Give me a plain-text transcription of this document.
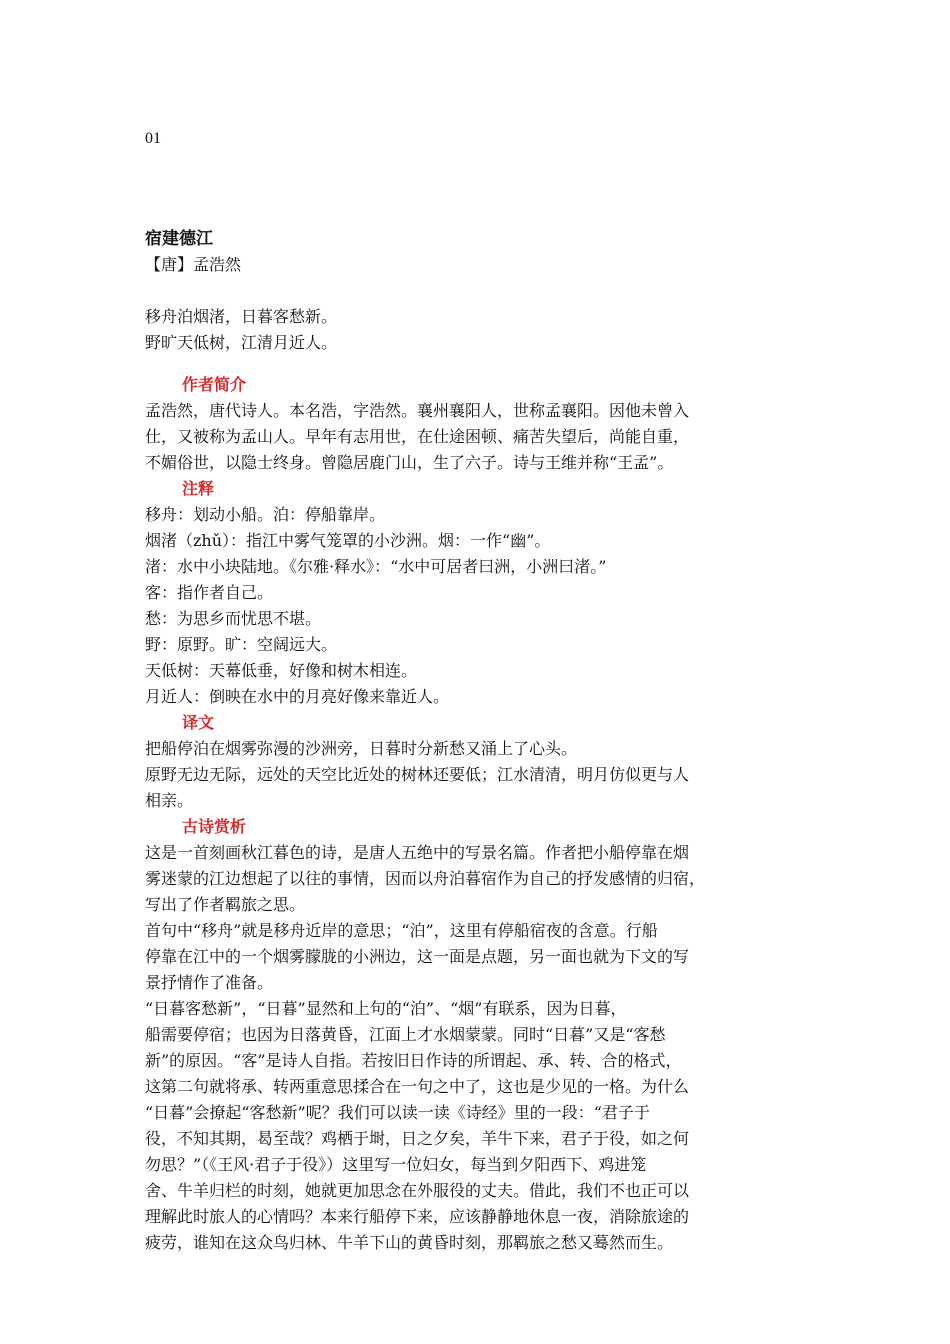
01

宿建德江

【唐】孟浩然

移舟泊烟渚，日暮客愁新。

野旷天低树，江清月近人。

作者简介

孟浩然，唐代诗人。本名浩，字浩然。襄州襄阳人，世称孟襄阳。因他未曾入

仕，又被称为孟山人。早年有志用世，在仕途困顿、痛苦失望后，尚能自重，

不媚俗世，以隐士终身。曾隐居鹿门山，生了六子。诗与王维并称“王孟”。

注释

移舟：划动小船。泊：停船靠岸。

烟渚（zhǔ）：指江中雾气笼罩的小沙洲。烟：一作“幽”。

渚：水中小块陆地。《尔雅·释水》：“水中可居者曰洲，小洲曰渚。”

客：指作者自己。

愁：为思乡而忧思不堪。

野：原野。旷：空阔远大。

天低树：天幕低垂，好像和树木相连。

月近人：倒映在水中的月亮好像来靠近人。

译文

把船停泊在烟雾弥漫的沙洲旁，日暮时分新愁又涌上了心头。

原野无边无际，远处的天空比近处的树林还要低；江水清清，明月仿似更与人

相亲。

古诗赏析

这是一首刻画秋江暮色的诗，是唐人五绝中的写景名篇。作者把小船停靠在烟

雾迷蒙的江边想起了以往的事情，因而以舟泊暮宿作为自己的抒发感情的归宿，

写出了作者羁旅之思。

首句中“移舟”就是移舟近岸的意思；“泊”，这里有停船宿夜的含意。行船

停靠在江中的一个烟雾朦胧的小洲边，这一面是点题，另一面也就为下文的写

景抒情作了准备。

“日暮客愁新”，“日暮”显然和上句的“泊”、“烟”有联系，因为日暮，

船需要停宿；也因为日落黄昏，江面上才水烟蒙蒙。同时“日暮”又是“客愁

新”的原因。“客”是诗人自指。若按旧日作诗的所谓起、承、转、合的格式，

这第二句就将承、转两重意思揉合在一句之中了，这也是少见的一格。为什么

“日暮”会撩起“客愁新”呢？我们可以读一读《诗经》里的一段：“君子于

役，不知其期，曷至哉？鸡栖于埘，日之夕矣，羊牛下来，君子于役，如之何

勿思？”（《王风·君子于役》）这里写一位妇女，每当到夕阳西下、鸡进笼

舍、牛羊归栏的时刻，她就更加思念在外服役的丈夫。借此，我们不也正可以

理解此时旅人的心情吗？本来行船停下来，应该静静地休息一夜，消除旅途的

疲劳，谁知在这众鸟归林、牛羊下山的黄昏时刻，那羁旅之愁又蓦然而生。
